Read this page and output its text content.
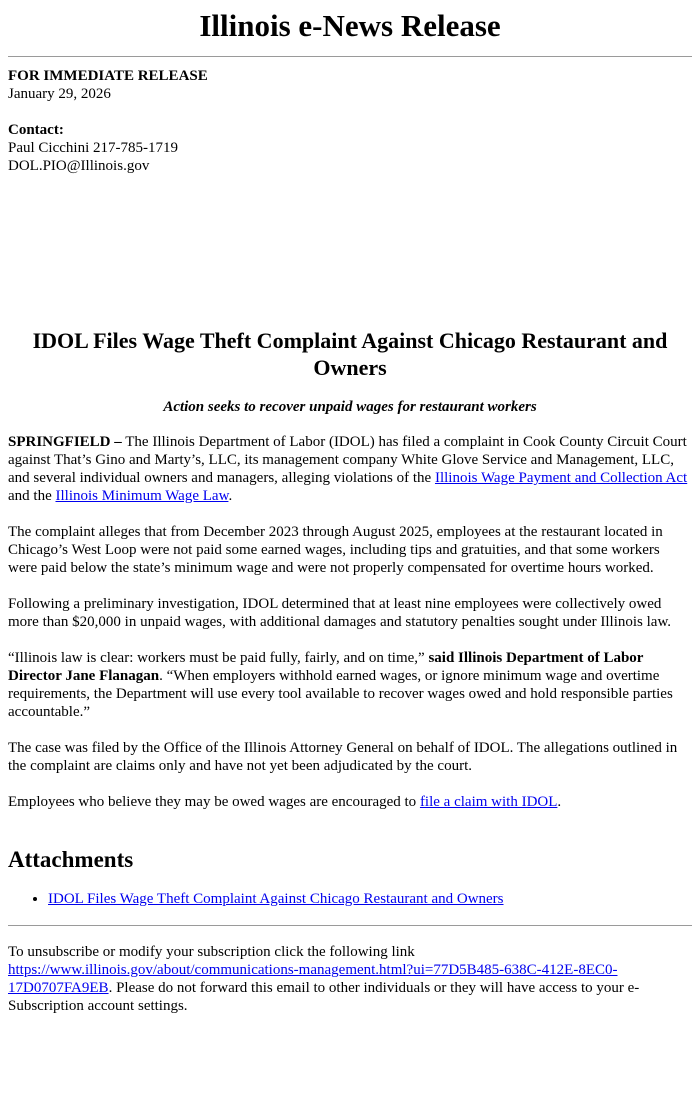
Illinois e-News Release
FOR IMMEDIATE RELEASE
January 29, 2026
Contact:
Paul Cicchini 217-785-1719
DOL.PIO@Illinois.gov
IDOL Files Wage Theft Complaint Against Chicago Restaurant and Owners
Action seeks to recover unpaid wages for restaurant workers

SPRINGFIELD – The Illinois Department of Labor (IDOL) has filed a complaint in Cook County Circuit Court against That’s Gino and Marty’s, LLC, its management company White Glove Service and Management, LLC, and several individual owners and managers, alleging violations of the Illinois Wage Payment and Collection Act and the Illinois Minimum Wage Law.

The complaint alleges that from December 2023 through August 2025, employees at the restaurant located in Chicago’s West Loop were not paid some earned wages, including tips and gratuities, and that some workers were paid below the state’s minimum wage and were not properly compensated for overtime hours worked.

Following a preliminary investigation, IDOL determined that at least nine employees were collectively owed more than $20,000 in unpaid wages, with additional damages and statutory penalties sought under Illinois law.

“Illinois law is clear: workers must be paid fully, fairly, and on time,” said Illinois Department of Labor Director Jane Flanagan. “When employers withhold earned wages, or ignore minimum wage and overtime requirements, the Department will use every tool available to recover wages owed and hold responsible parties accountable.”

The case was filed by the Office of the Illinois Attorney General on behalf of IDOL. The allegations outlined in the complaint are claims only and have not yet been adjudicated by the court.

Employees who believe they may be owed wages are encouraged to file a claim with IDOL.

Attachments
• IDOL Files Wage Theft Complaint Against Chicago Restaurant and Owners
To unsubscribe or modify your subscription click the following link https://www.illinois.gov/about/communications-management.html?ui=77D5B485-638C-412E-8EC0-17D0707FA9EB. Please do not forward this email to other individuals or they will have access to your e-Subscription account settings.
